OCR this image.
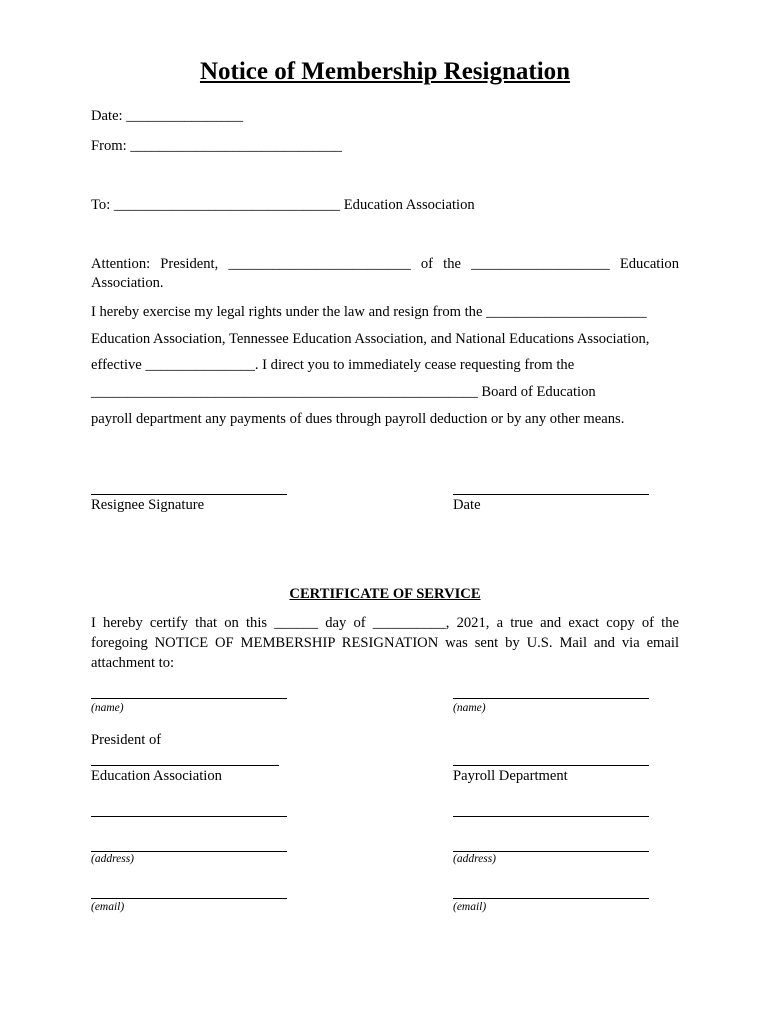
Notice of Membership Resignation
Date: ________________
From: _____________________________
To: _______________________________ Education Association
Attention: President, _________________________ of the ___________________ Education
Association.
I hereby exercise my legal rights under the law and resign from the ______________________
Education Association, Tennessee Education Association, and National Educations Association,
effective _______________. I direct you to immediately cease requesting from the
_____________________________________________________ Board of Education
payroll department any payments of dues through payroll deduction or by any other means.
Resignee Signature	Date
CERTIFICATE OF SERVICE
I hereby certify that on this ______ day of __________, 2021, a true and exact copy of the
foregoing NOTICE OF MEMBERSHIP RESIGNATION was sent by U.S. Mail and via email
attachment to:
(name)	(name)
President of
Education Association	Payroll Department
(address)	(address)
(email)	(email)
